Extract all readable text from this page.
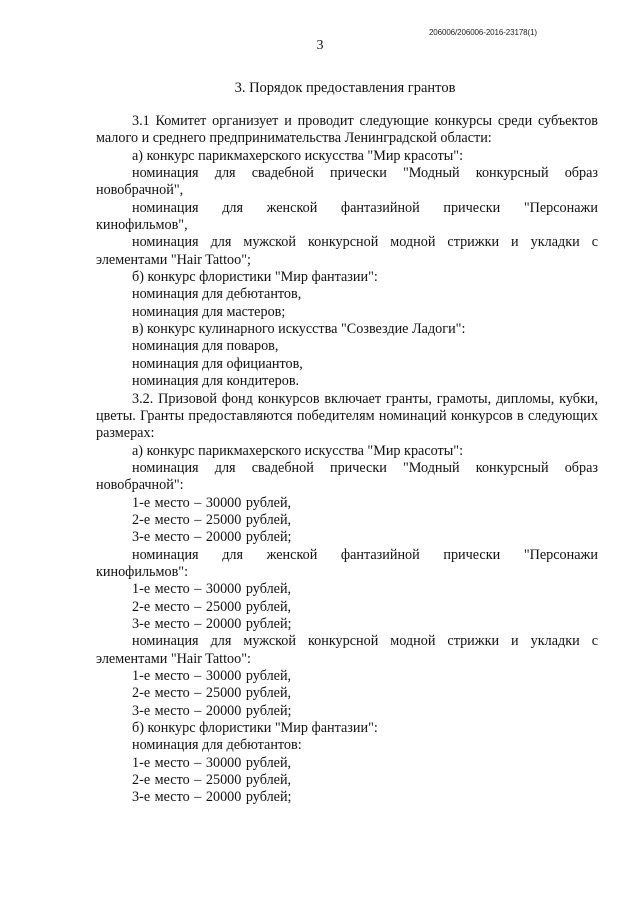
206006/206006-2016-23178(1)
3
3. Порядок предоставления грантов

3.1 Комитет организует и проводит следующие конкурсы среди субъектов малого и среднего предпринимательства Ленинградской области:

а) конкурс парикмахерского искусства "Мир красоты":

номинация для свадебной прически "Модный конкурсный образ новобрачной",

номинация для женской фантазийной прически "Персонажи

кинофильмов",

номинация для мужской конкурсной модной стрижки и укладки с элементами "Hair Tattoo";

б) конкурс флористики "Мир фантазии":

номинация для дебютантов,

номинация для мастеров;

в) конкурс кулинарного искусства "Созвездие Ладоги":

номинация для поваров,

номинация для официантов,

номинация для кондитеров.

3.2. Призовой фонд конкурсов включает гранты, грамоты, дипломы, кубки, цветы. Гранты предоставляются победителям номинаций конкурсов в следующих размерах:

а) конкурс парикмахерского искусства "Мир красоты":

номинация для свадебной прически "Модный конкурсный образ новобрачной":

1-е место – 30000 рублей,

2-е место – 25000 рублей,

3-е место – 20000 рублей;

номинация для женской фантазийной прически "Персонажи

кинофильмов":

1-е место – 30000 рублей,

2-е место – 25000 рублей,

3-е место – 20000 рублей;

номинация для мужской конкурсной модной стрижки и укладки с элементами "Hair Tattoo":

1-е место – 30000 рублей,

2-е место – 25000 рублей,

3-е место – 20000 рублей;

б) конкурс флористики "Мир фантазии":

номинация для дебютантов:

1-е место – 30000 рублей,

2-е место – 25000 рублей,

3-е место – 20000 рублей;
